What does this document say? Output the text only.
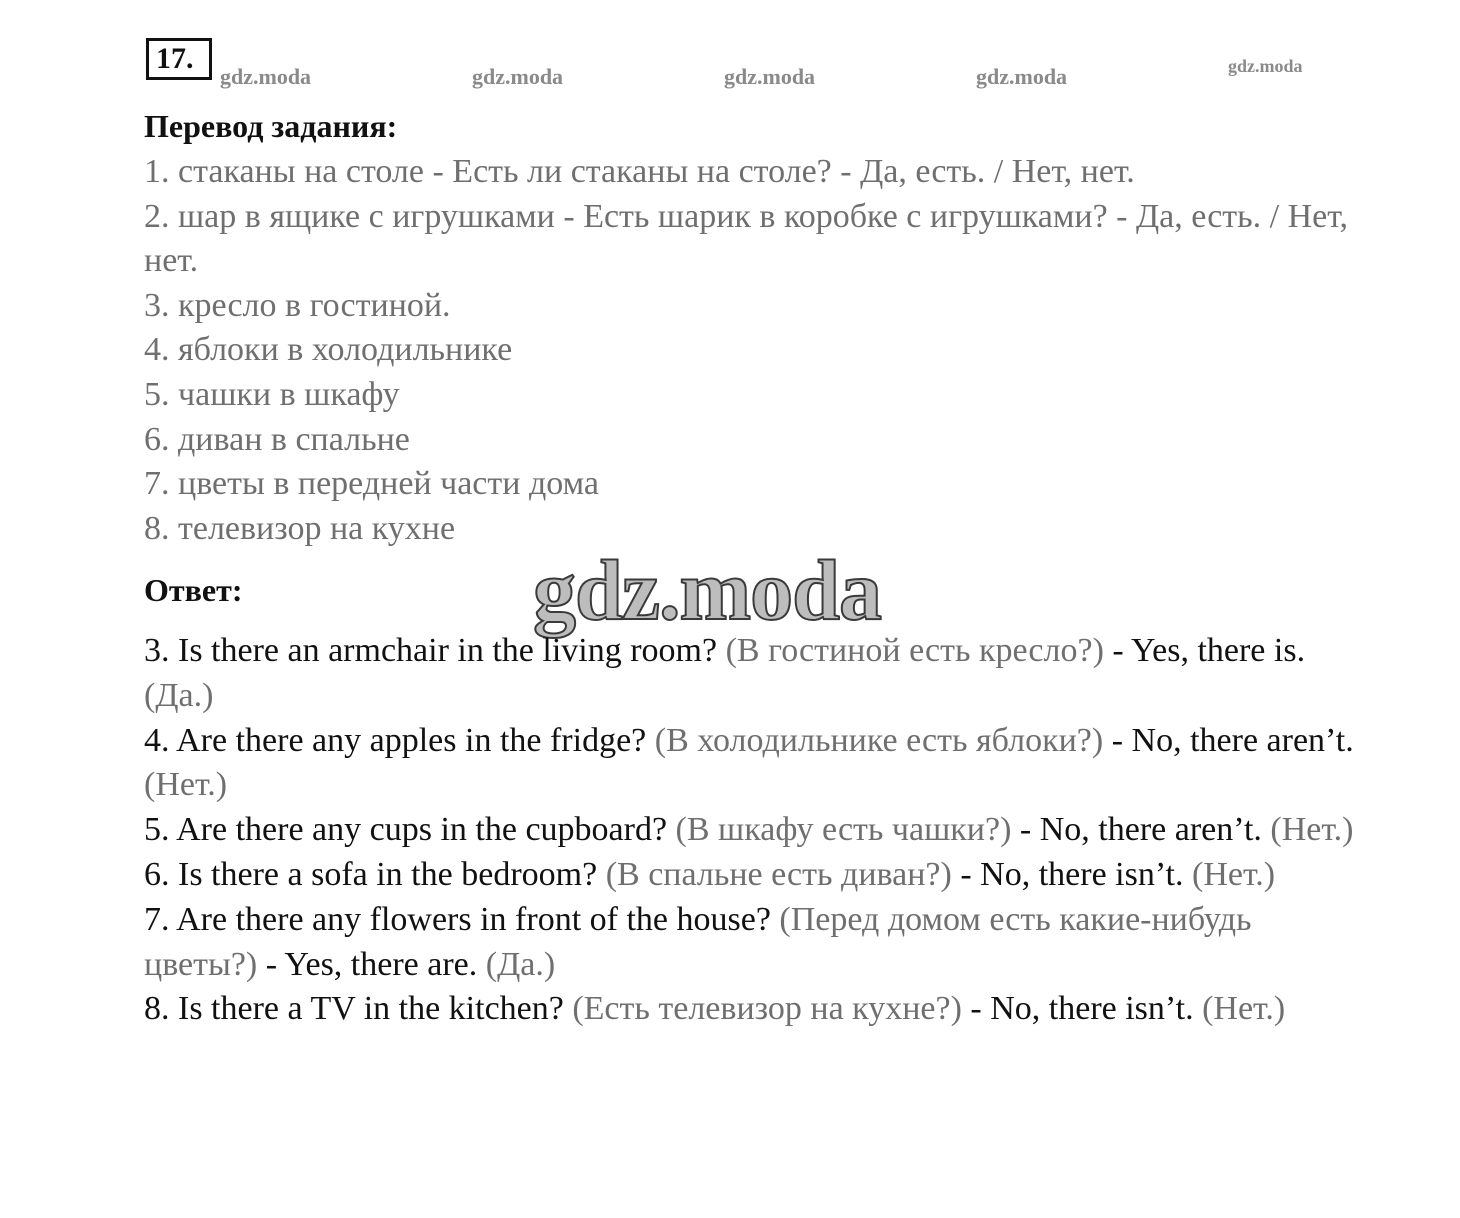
17.
gdz.moda	gdz.moda	gdz.moda	gdz.moda	gdz.moda
Перевод задания:
1. стаканы на столе - Есть ли стаканы на столе? - Да, есть. / Нет, нет.
2. шар в ящике с игрушками - Есть шарик в коробке с игрушками? - Да, есть. / Нет, нет.
3. кресло в гостиной.
4. яблоки в холодильнике
5. чашки в шкафу
6. диван в спальне
7. цветы в передней части дома
8. телевизор на кухне
Ответ:	gdz.moda
3. Is there an armchair in the living room? (В гостиной есть кресло?) - Yes, there is. (Да.)
4. Are there any apples in the fridge? (В холодильнике есть яблоки?) - No, there aren’t. (Нет.)
5. Are there any cups in the cupboard? (В шкафу есть чашки?) - No, there aren’t. (Нет.)
6. Is there a sofa in the bedroom? (В спальне есть диван?) - No, there isn’t. (Нет.)
7. Are there any flowers in front of the house? (Перед домом есть какие-нибудь цветы?) - Yes, there are. (Да.)
8. Is there a TV in the kitchen? (Есть телевизор на кухне?) - No, there isn’t. (Нет.)
